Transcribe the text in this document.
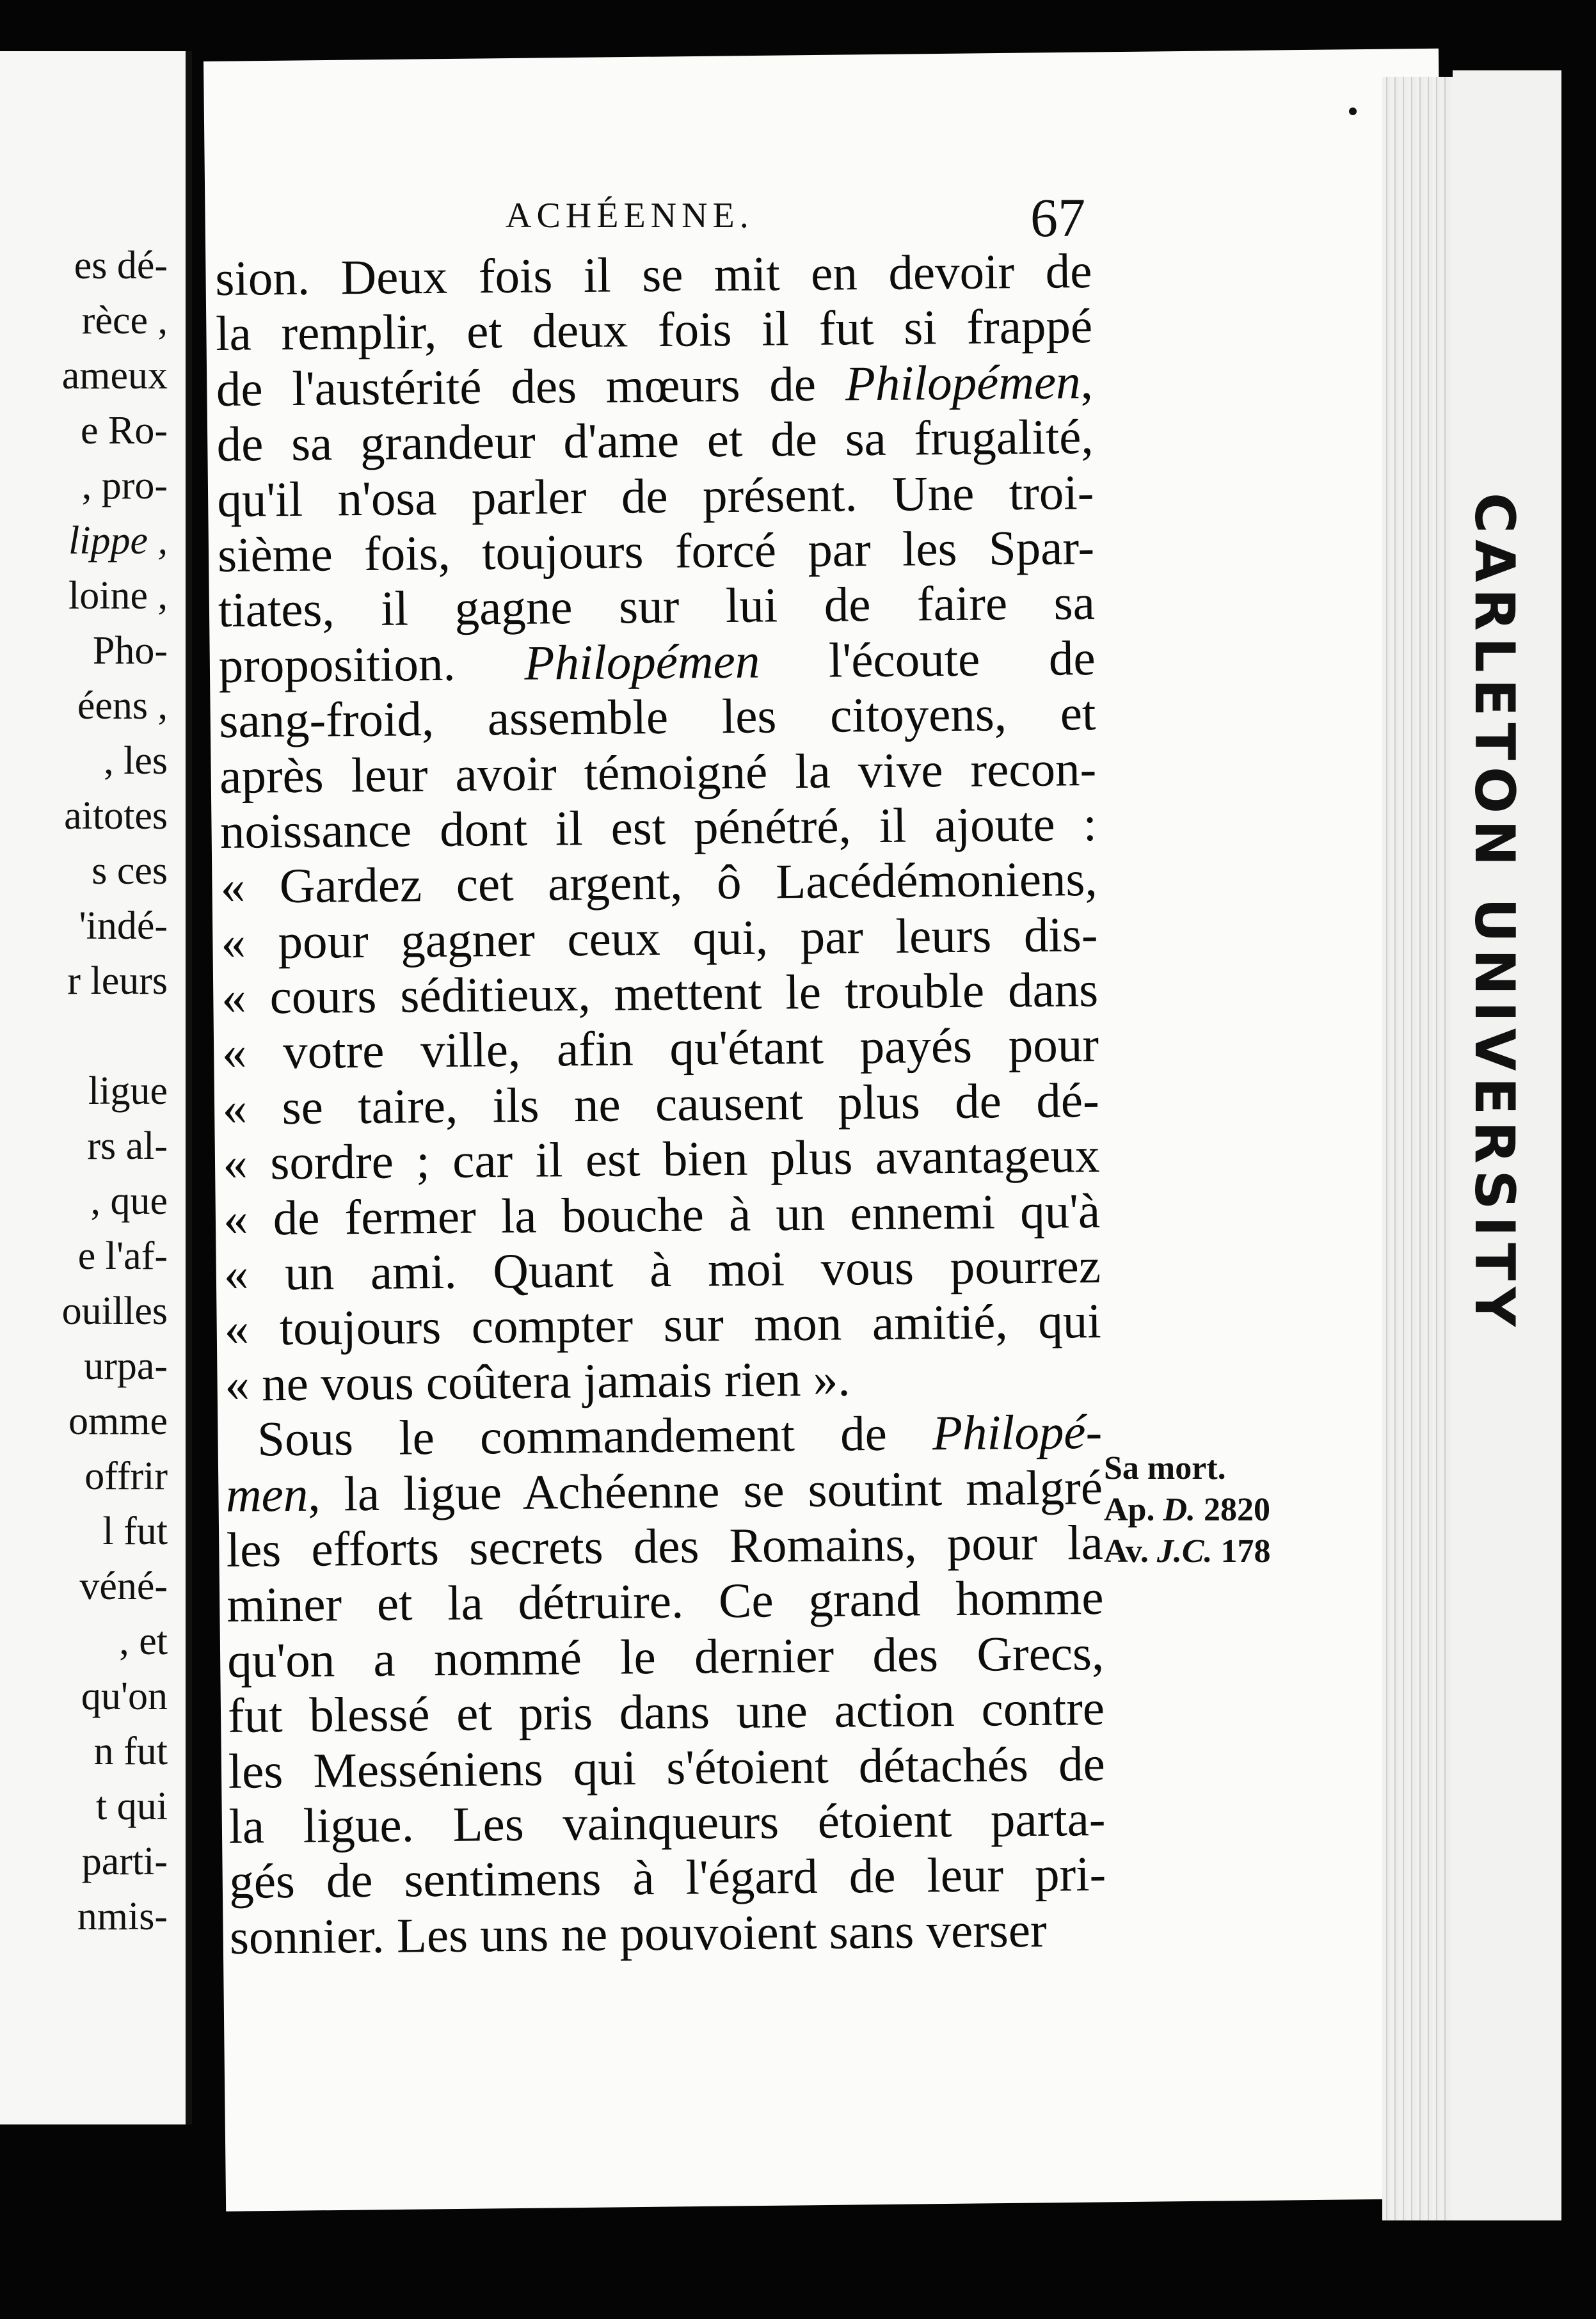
es dé-
rèce ,
ameux
e Ro-
, pro-
lippe ,
loine ,
Pho-
éens ,
, les
aitotes
s ces
'indé-
r leurs
ligue
rs al-
, que
e l'af-
ouilles
urpa-
omme
offrir
l fut
véné-
, et
qu'on
n fut
t qui
parti-
nmis-
CARLETON UNIVERSITY
ACHÉENNE.	67
sion. Deux fois il se mit en devoir de
la remplir, et deux fois il fut si frappé
de l'austérité des mœurs de Philopémen,
de sa grandeur d'ame et de sa frugalité,
qu'il n'osa parler de présent. Une troi-
sième fois, toujours forcé par les Spar-
tiates, il gagne sur lui de faire sa
proposition. Philopémen l'écoute de
sang-froid, assemble les citoyens, et
après leur avoir témoigné la vive recon-
noissance dont il est pénétré, il ajoute :
« Gardez cet argent, ô Lacédémoniens,
« pour gagner ceux qui, par leurs dis-
« cours séditieux, mettent le trouble dans
« votre ville, afin qu'étant payés pour
« se taire, ils ne causent plus de dé-
« sordre ; car il est bien plus avantageux
« de fermer la bouche à un ennemi qu'à
« un ami. Quant à moi vous pourrez
« toujours compter sur mon amitié, qui
« ne vous coûtera jamais rien ».
Sous le commandement de Philopé-
men, la ligue Achéenne se soutint malgré
les efforts secrets des Romains, pour la
miner et la détruire. Ce grand homme
qu'on a nommé le dernier des Grecs,
fut blessé et pris dans une action contre
les Messéniens qui s'étoient détachés de
la ligue. Les vainqueurs étoient parta-
gés de sentimens à l'égard de leur pri-
sonnier. Les uns ne pouvoient sans verser
Sa mort.
Ap. D. 2820
Av. J.C. 178
